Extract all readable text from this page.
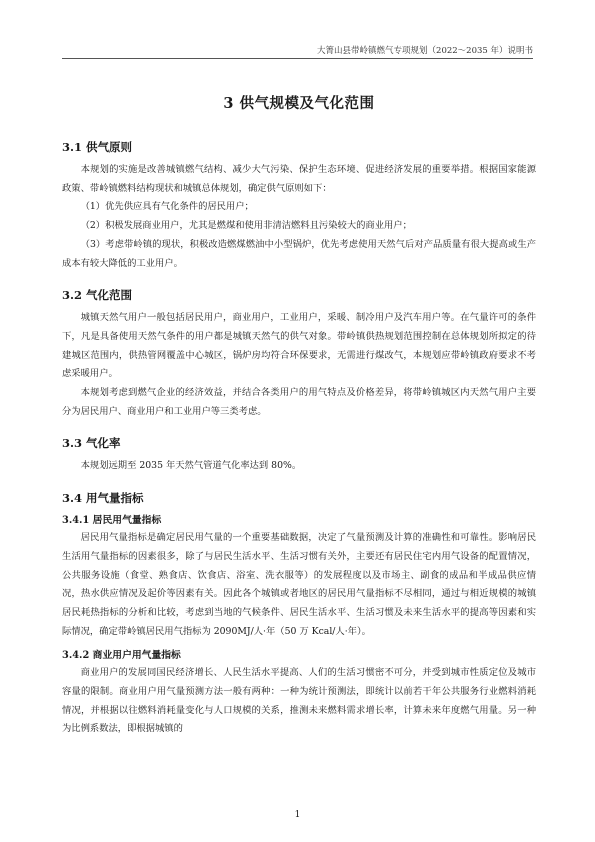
大箐山县带岭镇燃气专项规划（2022～2035 年）说明书
3 供气规模及气化范围
3.1 供气原则

本规划的实施是改善城镇燃气结构、减少大气污染、保护生态环境、促进经济发展的重要举措。根据国家能源政策、带岭镇燃料结构现状和城镇总体规划，确定供气原则如下：

（1）优先供应具有气化条件的居民用户；

（2）积极发展商业用户，尤其是燃煤和使用非清洁燃料且污染较大的商业用户；

（3）考虑带岭镇的现状，积极改造燃煤燃油中小型锅炉，优先考虑使用天然气后对产品质量有很大提高或生产成本有较大降低的工业用户。

3.2 气化范围

城镇天然气用户一般包括居民用户，商业用户，工业用户，采暖、制冷用户及汽车用户等。在气量许可的条件下，凡是具备使用天然气条件的用户都是城镇天然气的供气对象。带岭镇供热规划范围控制在总体规划所拟定的待建城区范围内，供热管网覆盖中心城区，锅炉房均符合环保要求，无需进行煤改气，本规划应带岭镇政府要求不考虑采暖用户。

本规划考虑到燃气企业的经济效益，并结合各类用户的用气特点及价格差异，将带岭镇城区内天然气用户主要分为居民用户、商业用户和工业用户等三类考虑。

3.3 气化率

本规划远期至 2035 年天然气管道气化率达到 80%。

3.4 用气量指标
3.4.1 居民用气量指标

居民用气量指标是确定居民用气量的一个重要基础数据，决定了气量预测及计算的准确性和可靠性。影响居民生活用气量指标的因素很多，除了与居民生活水平、生活习惯有关外，主要还有居民住宅内用气设备的配置情况，公共服务设施（食堂、熟食店、饮食店、浴室、洗衣服等）的发展程度以及市场主、副食的成品和半成品供应情况，热水供应情况及起价等因素有关。因此各个城镇或者地区的居民用气量指标不尽相同，通过与相近规模的城镇居民耗热指标的分析和比较，考虑到当地的气候条件、居民生活水平、生活习惯及未来生活水平的提高等因素和实际情况，确定带岭镇居民用气指标为 2090MJ/人·年（50 万 Kcal/人·年）。

3.4.2 商业用户用气量指标

商业用户的发展同国民经济增长、人民生活水平提高、人们的生活习惯密不可分，并受到城市性质定位及城市容量的限制。商业用户用气量预测方法一般有两种：一种为统计预测法，即统计以前若干年公共服务行业燃料消耗情况，并根据以往燃料消耗量变化与人口规模的关系，推测未来燃料需求增长率，计算未来年度燃气用量。另一种为比例系数法，即根据城镇的

1
